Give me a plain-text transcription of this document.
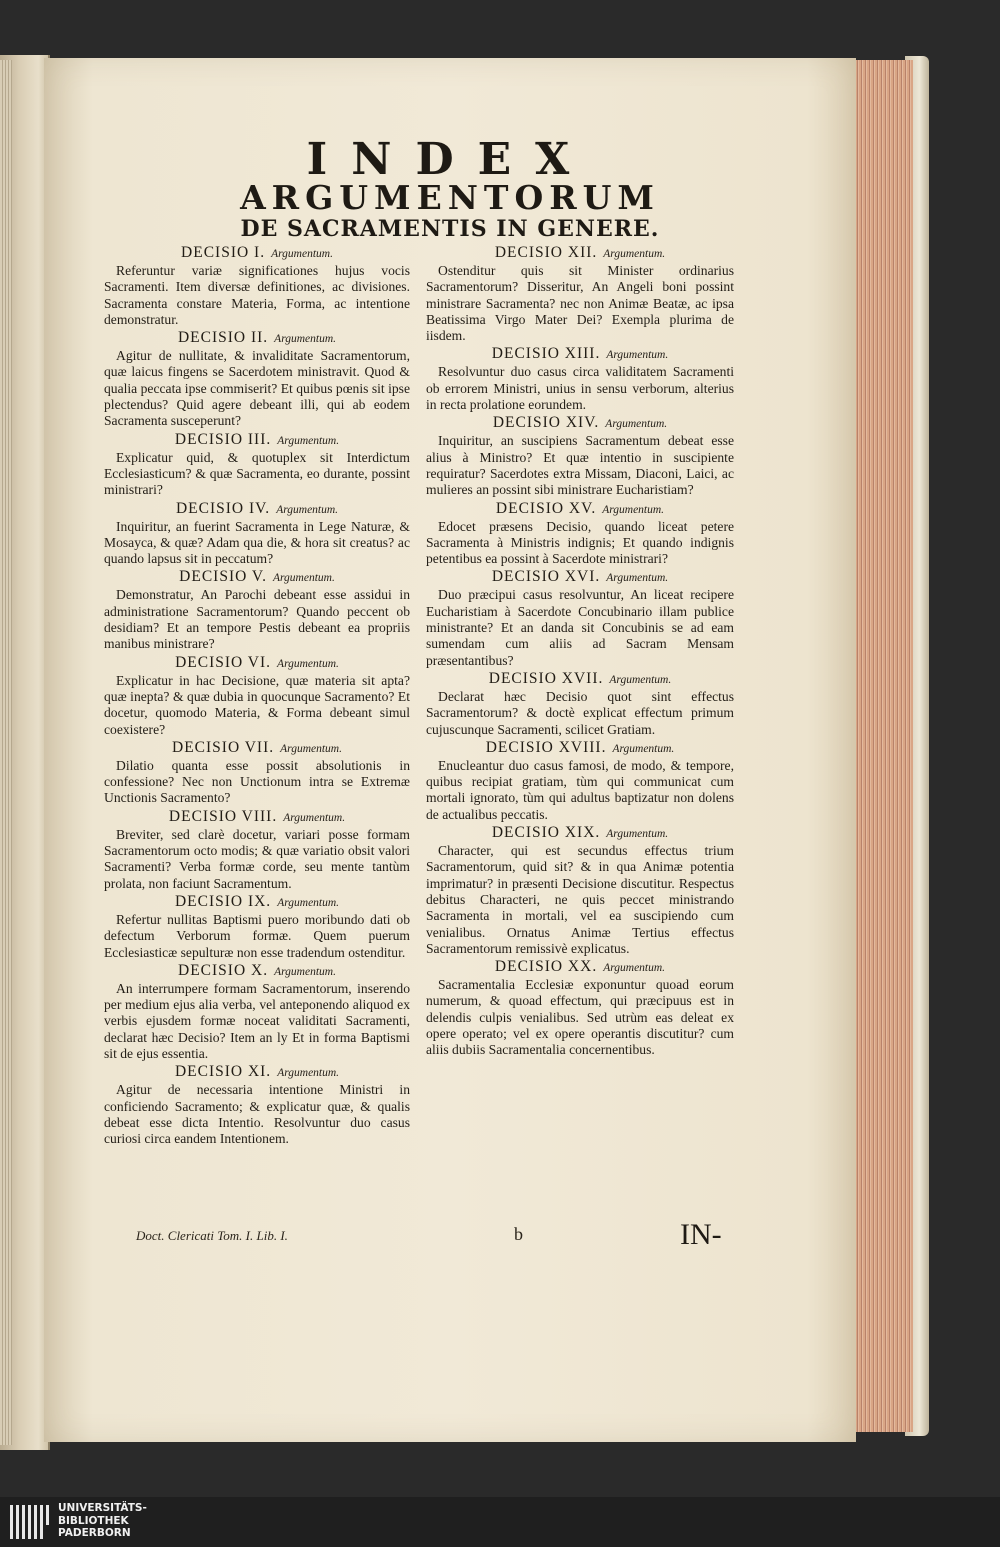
INDEX
ARGUMENTORUM
DE SACRAMENTIS IN GENERE.
DECISIO I. Argumentum.

Referuntur variæ significationes hujus vocis Sacramenti. Item diversæ definitiones, ac divisiones. Sacramenta constare Materia, Forma, ac intentione demonstratur.

DECISIO II. Argumentum.

Agitur de nullitate, & invaliditate Sacramentorum, quæ laicus fingens se Sacerdotem ministravit. Quod & qualia peccata ipse commiserit? Et quibus pœnis sit ipse plectendus? Quid agere debeant illi, qui ab eodem Sacramenta susceperunt?

DECISIO III. Argumentum.

Explicatur quid, & quotuplex sit Interdictum Ecclesiasticum? & quæ Sacramenta, eo durante, possint ministrari?

DECISIO IV. Argumentum.

Inquiritur, an fuerint Sacramenta in Lege Naturæ, & Mosayca, & quæ? Adam qua die, & hora sit creatus? ac quando lapsus sit in peccatum?

DECISIO V. Argumentum.

Demonstratur, An Parochi debeant esse assidui in administratione Sacramentorum? Quando peccent ob desidiam? Et an tempore Pestis debeant ea propriis manibus ministrare?

DECISIO VI. Argumentum.

Explicatur in hac Decisione, quæ materia sit apta? quæ inepta? & quæ dubia in quocunque Sacramento? Et docetur, quomodo Materia, & Forma debeant simul coexistere?

DECISIO VII. Argumentum.

Dilatio quanta esse possit absolutionis in confessione? Nec non Unctionum intra se Extremæ Unctionis Sacramento?

DECISIO VIII. Argumentum.

Breviter, sed clarè docetur, variari posse formam Sacramentorum octo modis; & quæ variatio obsit valori Sacramenti? Verba formæ corde, seu mente tantùm prolata, non faciunt Sacramentum.

DECISIO IX. Argumentum.

Refertur nullitas Baptismi puero moribundo dati ob defectum Verborum formæ. Quem puerum Ecclesiasticæ sepulturæ non esse tradendum ostenditur.

DECISIO X. Argumentum.

An interrumpere formam Sacramentorum, inserendo per medium ejus alia verba, vel anteponendo aliquod ex verbis ejusdem formæ noceat validitati Sacramenti, declarat hæc Decisio? Item an ly Et in forma Baptismi sit de ejus essentia.

DECISIO XI. Argumentum.

Agitur de necessaria intentione Ministri in conficiendo Sacramento; & explicatur quæ, & qualis debeat esse dicta Intentio. Resolvuntur duo casus curiosi circa eandem Intentionem.

DECISIO XII. Argumentum.

Ostenditur quis sit Minister ordinarius Sacramentorum? Disseritur, An Angeli boni possint ministrare Sacramenta? nec non Animæ Beatæ, ac ipsa Beatissima Virgo Mater Dei? Exempla plurima de iisdem.

DECISIO XIII. Argumentum.

Resolvuntur duo casus circa validitatem Sacramenti ob errorem Ministri, unius in sensu verborum, alterius in recta prolatione eorundem.

DECISIO XIV. Argumentum.

Inquiritur, an suscipiens Sacramentum debeat esse alius à Ministro? Et quæ intentio in suscipiente requiratur? Sacerdotes extra Missam, Diaconi, Laici, ac mulieres an possint sibi ministrare Eucharistiam?

DECISIO XV. Argumentum.

Edocet præsens Decisio, quando liceat petere Sacramenta à Ministris indignis; Et quando indignis petentibus ea possint à Sacerdote ministrari?

DECISIO XVI. Argumentum.

Duo præcipui casus resolvuntur, An liceat recipere Eucharistiam à Sacerdote Concubinario illam publice ministrante? Et an danda sit Concubinis se ad eam sumendam cum aliis ad Sacram Mensam præsentantibus?

DECISIO XVII. Argumentum.

Declarat hæc Decisio quot sint effectus Sacramentorum? & doctè explicat effectum primum cujuscunque Sacramenti, scilicet Gratiam.

DECISIO XVIII. Argumentum.

Enucleantur duo casus famosi, de modo, & tempore, quibus recipiat gratiam, tùm qui communicat cum mortali ignorato, tùm qui adultus baptizatur non dolens de actualibus peccatis.

DECISIO XIX. Argumentum.

Character, qui est secundus effectus trium Sacramentorum, quid sit? & in qua Animæ potentia imprimatur? in præsenti Decisione discutitur. Respectus debitus Characteri, ne quis peccet ministrando Sacramenta in mortali, vel ea suscipiendo cum venialibus. Ornatus Animæ Tertius effectus Sacramentorum remissivè explicatus.

DECISIO XX. Argumentum.

Sacramentalia Ecclesiæ exponuntur quoad eorum numerum, & quoad effectum, qui præcipuus est in delendis culpis venialibus. Sed utrùm eas deleat ex opere operato; vel ex opere operantis discutitur? cum aliis dubiis Sacramentalia concernentibus.

Doct. Clericati Tom. I. Lib. I.	b	IN-
UNIVERSITÄTS-
BIBLIOTHEK
PADERBORN
